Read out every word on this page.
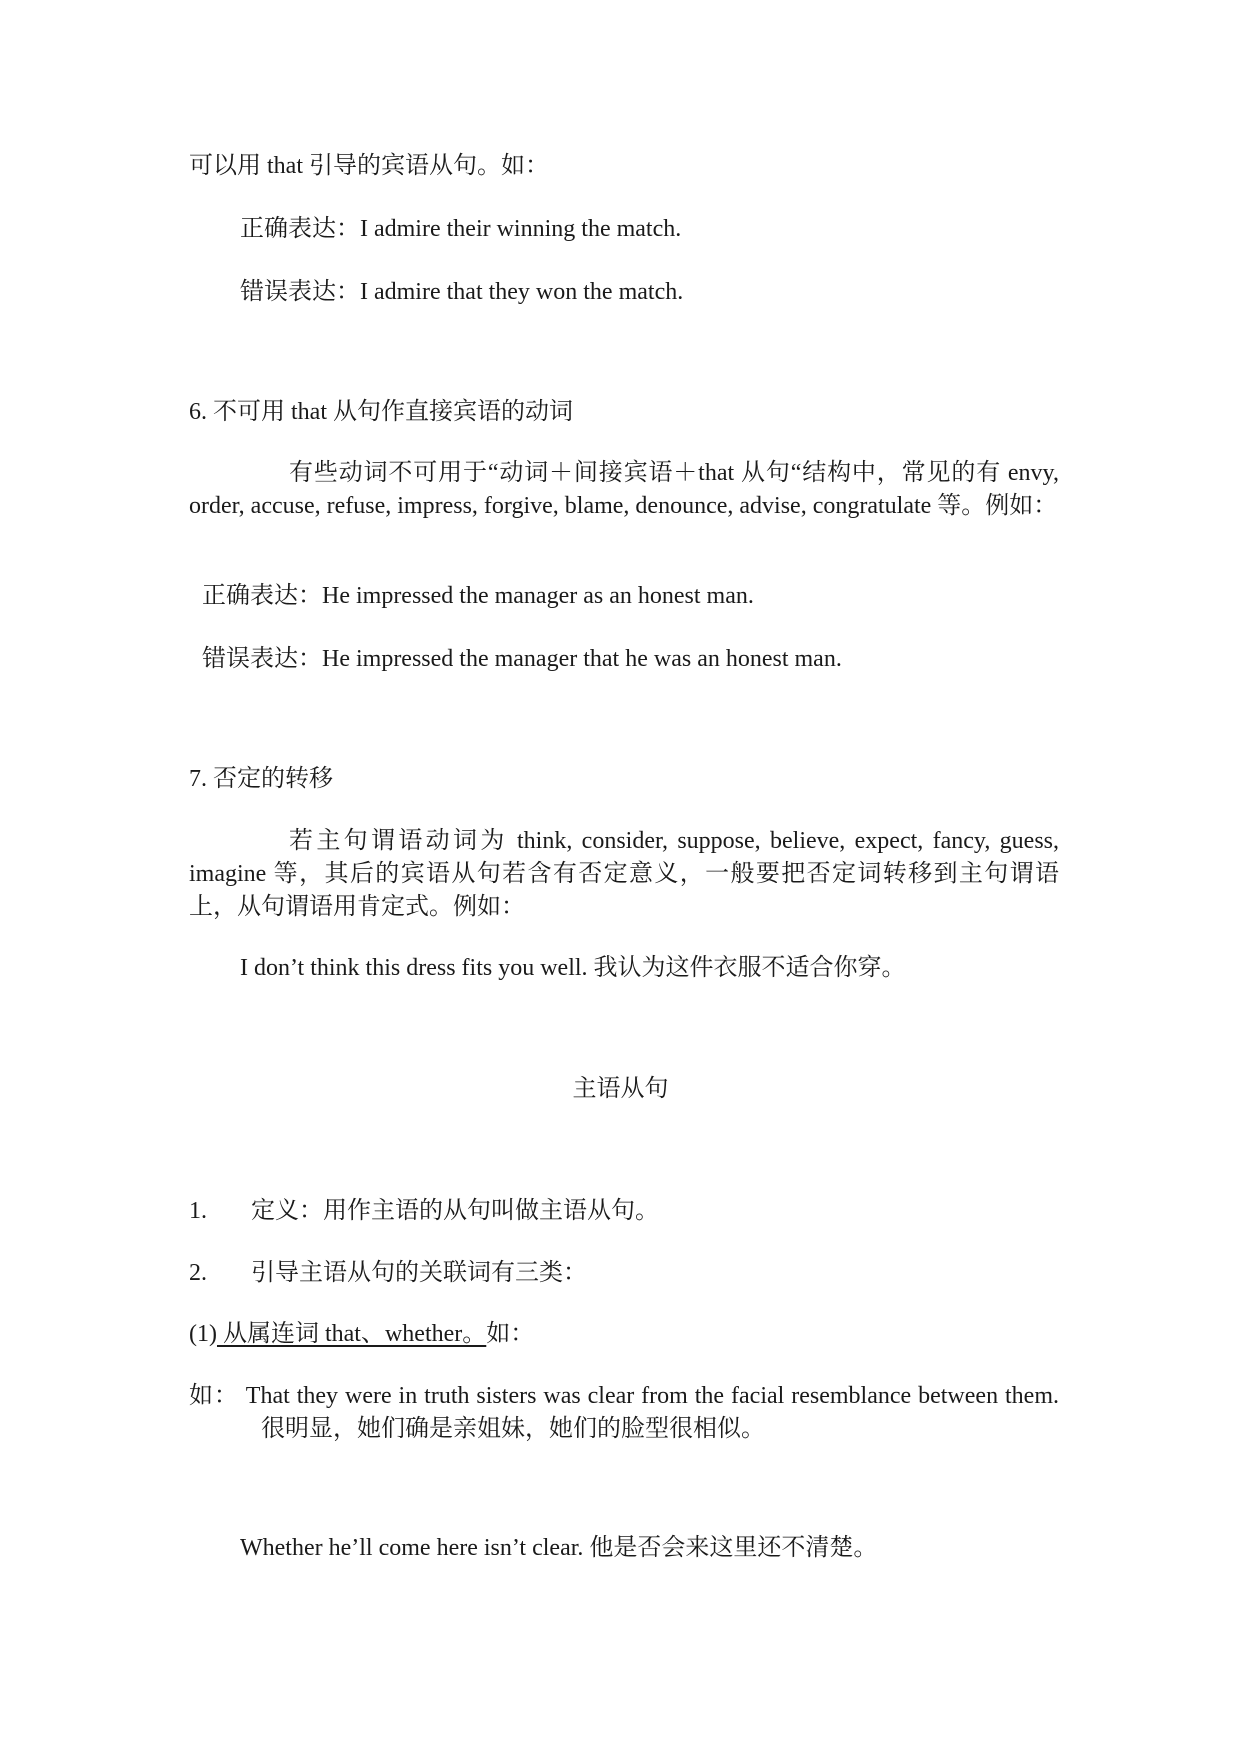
可以用 that 引导的宾语从句。如：

正确表达：I admire their winning the match.

错误表达：I admire that they won the match.

6. 不可用 that 从句作直接宾语的动词

有些动词不可用于“动词＋间接宾语＋that 从句“结构中，常见的有 envy, order, accuse, refuse, impress, forgive, blame, denounce, advise, congratulate 等。例如：

正确表达：He impressed the manager as an honest man.

错误表达：He impressed the manager that he was an honest man.

7. 否定的转移

若主句谓语动词为 think, consider, suppose, believe, expect, fancy, guess, imagine 等，其后的宾语从句若含有否定意义，一般要把否定词转移到主句谓语上，从句谓语用肯定式。例如：

I don’t think this dress fits you well. 我认为这件衣服不适合你穿。

主语从句

1. 定义：用作主语的从句叫做主语从句。

2. 引导主语从句的关联词有三类：

(1) 从属连词 that、whether。如：

如： That they were in truth sisters was clear from the facial resemblance between them.很明显，她们确是亲姐妹，她们的脸型很相似。

Whether he’ll come here isn’t clear. 他是否会来这里还不清楚。
